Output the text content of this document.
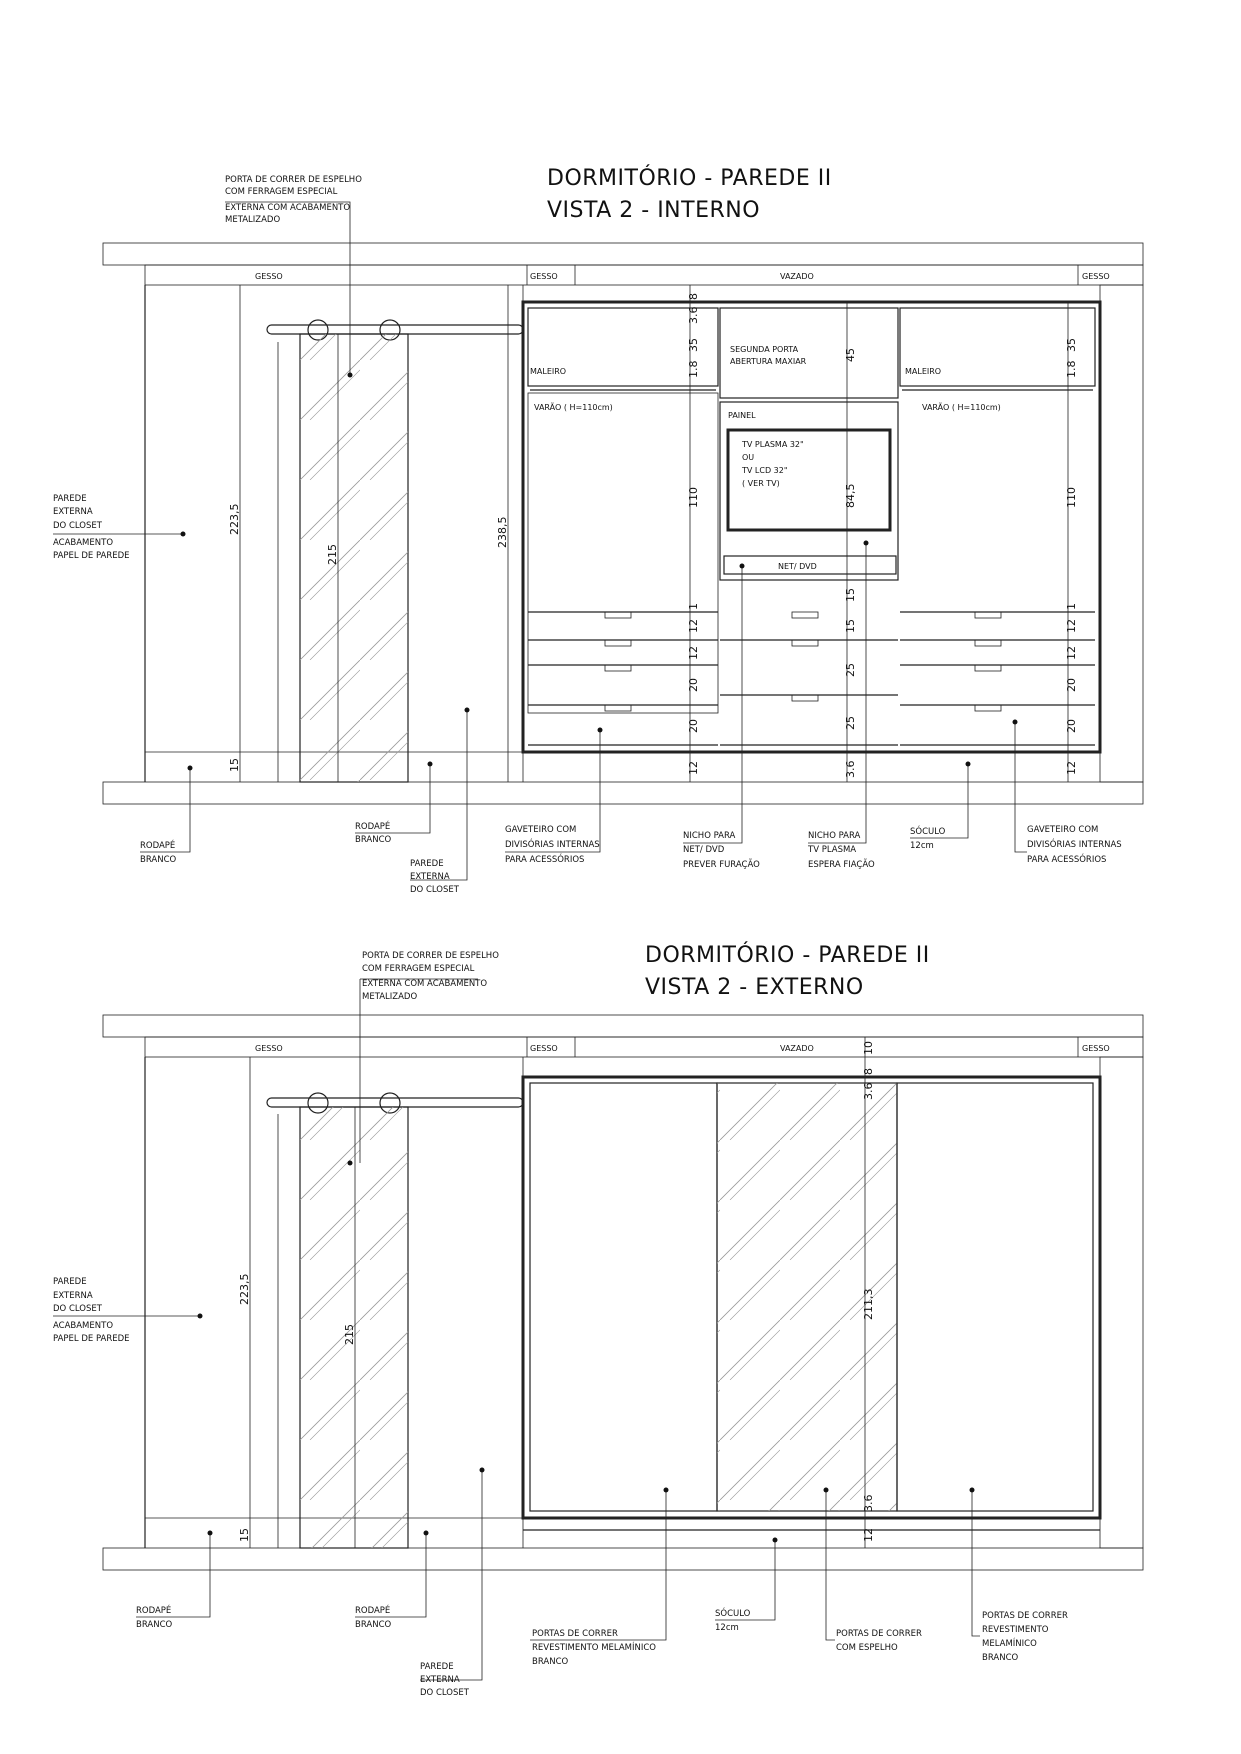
DORMITÓRIO - PAREDE II
VISTA 2 - INTERNO
GESSO	GESSO	VAZADO	GESSO
MALEIRO	MALEIRO
SEGUNDA PORTA
ABERTURA MAXIAR
VARÃO ( H=110cm)	VARÃO ( H=110cm)
PAINEL
TV PLASMA 32"
OU
TV LCD 32"
( VER TV)
NET/ DVD
223,5
215
238,5
15
8
3.6
35
1.8
110
1
12
12
20
20
12
45
84,5
15
15
25
25
3.6
35
1.8
110
1
12
12
20
20
12
PORTA DE CORRER DE ESPELHO
COM FERRAGEM ESPECIAL
EXTERNA COM ACABAMENTO
METALIZADO
PAREDE
EXTERNA
DO CLOSET
ACABAMENTO
PAPEL DE PAREDE
RODAPÉ
BRANCO
RODAPÉ
BRANCO
PAREDE
EXTERNA
DO CLOSET
GAVETEIRO COM
DIVISÓRIAS INTERNAS
PARA ACESSÓRIOS
NICHO PARA
NET/ DVD
PREVER FURAÇÃO
NICHO PARA
TV PLASMA
ESPERA FIAÇÃO
SÓCULO
12cm
GAVETEIRO COM
DIVISÓRIAS INTERNAS
PARA ACESSÓRIOS
DORMITÓRIO - PAREDE II
VISTA 2 - EXTERNO
GESSO	GESSO	VAZADO	GESSO
223,5
215
15
10
8
3.6
211,3
3.6
12
PORTA DE CORRER DE ESPELHO
COM FERRAGEM ESPECIAL
EXTERNA COM ACABAMENTO
METALIZADO
PAREDE
EXTERNA
DO CLOSET
ACABAMENTO
PAPEL DE PAREDE
RODAPÉ
BRANCO
RODAPÉ
BRANCO
PAREDE
EXTERNA
DO CLOSET
PORTAS DE CORRER
REVESTIMENTO MELAMÍNICO
BRANCO
SÓCULO
12cm
PORTAS DE CORRER
COM ESPELHO
PORTAS DE CORRER
REVESTIMENTO
MELAMÍNICO
BRANCO
